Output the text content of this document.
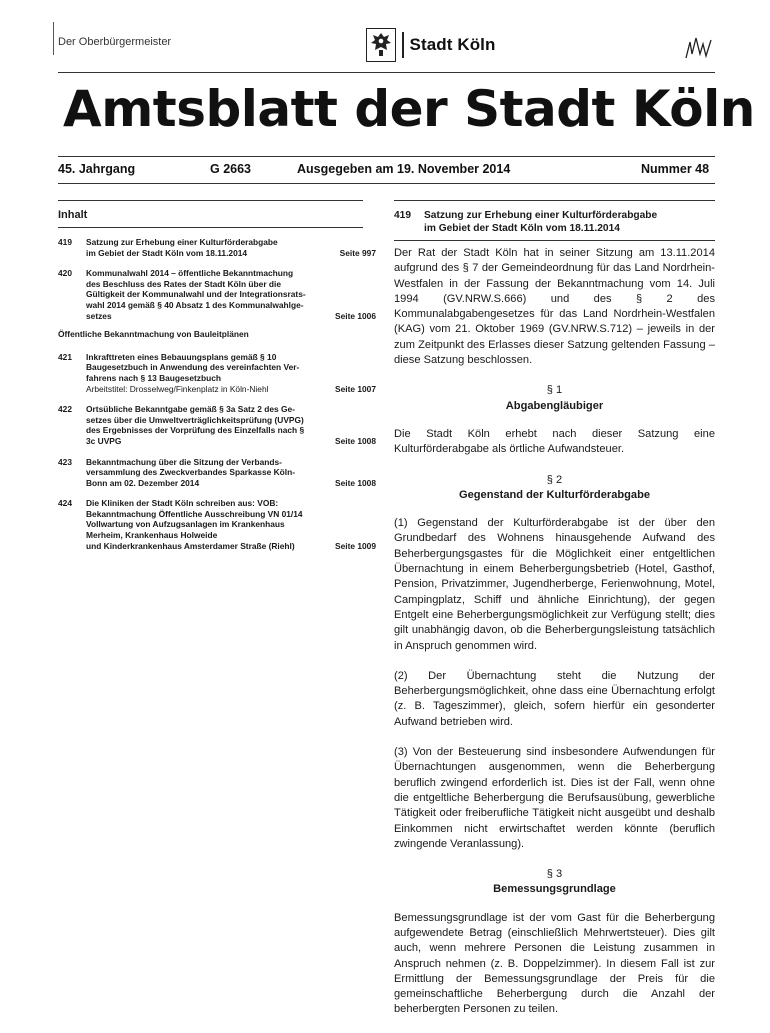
Der Oberbürgermeister	Stadt Köln
Amtsblatt der Stadt Köln
45. Jahrgang	G 2663	Ausgegeben am 19. November 2014	Nummer 48
Inhalt
419	Satzung zur Erhebung einer Kulturförderabgabe
im Gebiet der Stadt Köln vom 18.11.2014	Seite 997
420	Kommunalwahl 2014 – öffentliche Bekanntmachung
des Beschluss des Rates der Stadt Köln über die
Gültigkeit der Kommunalwahl und der Integrationsrats-
wahl 2014 gemäß § 40 Absatz 1 des Kommunalwahlge-
setzes	Seite 1006
Öffentliche Bekanntmachung von Bauleitplänen
421	Inkrafttreten eines Bebauungsplans gemäß § 10
Baugesetzbuch in Anwendung des vereinfachten Ver-
fahrens nach § 13 Baugesetzbuch
Arbeitstitel: Drosselweg/Finkenplatz in Köln-Niehl	Seite 1007
422	Ortsübliche Bekanntgabe gemäß § 3a Satz 2 des Ge-
setzes über die Umweltverträglichkeitsprüfung (UVPG)
des Ergebnisses der Vorprüfung des Einzelfalls nach §
3c UVPG	Seite 1008
423	Bekanntmachung über die Sitzung der Verbands-
versammlung des Zweckverbandes Sparkasse Köln-
Bonn am 02. Dezember 2014	Seite 1008
424	Die Kliniken der Stadt Köln schreiben aus: VOB:
Bekanntmachung Öffentliche Ausschreibung VN 01/14
Vollwartung von Aufzugsanlagen im Krankenhaus
Merheim, Krankenhaus Holweide
und Kinderkrankenhaus Amsterdamer Straße (Riehl)	Seite 1009
419 Satzung zur Erhebung einer Kulturförderabgabe
im Gebiet der Stadt Köln vom 18.11.2014
Der Rat der Stadt Köln hat in seiner Sitzung am 13.11.2014 aufgrund des § 7 der Gemeindeordnung für das Land Nordrhein-Westfalen in der Fassung der Bekanntmachung vom 14. Juli 1994 (GV.NRW.S.666) und des § 2 des Kommunalabgabengesetzes für das Land Nordrhein-Westfalen (KAG) vom 21. Oktober 1969 (GV.NRW.S.712) – jeweils in der zum Zeitpunkt des Erlasses dieser Satzung geltenden Fassung – diese Satzung beschlossen.
§ 1
Abgabengläubiger
Die Stadt Köln erhebt nach dieser Satzung eine Kulturförderabgabe als örtliche Aufwandsteuer.
§ 2
Gegenstand der Kulturförderabgabe
(1) Gegenstand der Kulturförderabgabe ist der über den Grundbedarf des Wohnens hinausgehende Aufwand des Beherbergungsgastes für die Möglichkeit einer entgeltlichen Übernachtung in einem Beherbergungsbetrieb (Hotel, Gasthof, Pension, Privatzimmer, Jugendherberge, Ferienwohnung, Motel, Campingplatz, Schiff und ähnliche Einrichtung), der gegen Entgelt eine Beherbergungsmöglichkeit zur Verfügung stellt; dies gilt unabhängig davon, ob die Beherbergungsleistung tatsächlich in Anspruch genommen wird.
(2) Der Übernachtung steht die Nutzung der Beherbergungsmöglichkeit, ohne dass eine Übernachtung erfolgt (z. B. Tageszimmer), gleich, sofern hierfür ein gesonderter Aufwand betrieben wird.
(3) Von der Besteuerung sind insbesondere Aufwendungen für Übernachtungen ausgenommen, wenn die Beherbergung beruflich zwingend erforderlich ist. Dies ist der Fall, wenn ohne die entgeltliche Beherbergung die Berufsausübung, gewerbliche Tätigkeit oder freiberufliche Tätigkeit nicht ausgeübt und deshalb Einkommen nicht erwirtschaftet werden könnte (beruflich zwingende Veranlassung).
§ 3
Bemessungsgrundlage
Bemessungsgrundlage ist der vom Gast für die Beherbergung aufgewendete Betrag (einschließlich Mehrwertsteuer). Dies gilt auch, wenn mehrere Personen die Leistung zusammen in Anspruch nehmen (z. B. Doppelzimmer). In diesem Fall ist zur Ermittlung der Bemessungsgrundlage der Preis für die gemeinschaftliche Beherbergung durch die Anzahl der beherbergten Personen zu teilen.
